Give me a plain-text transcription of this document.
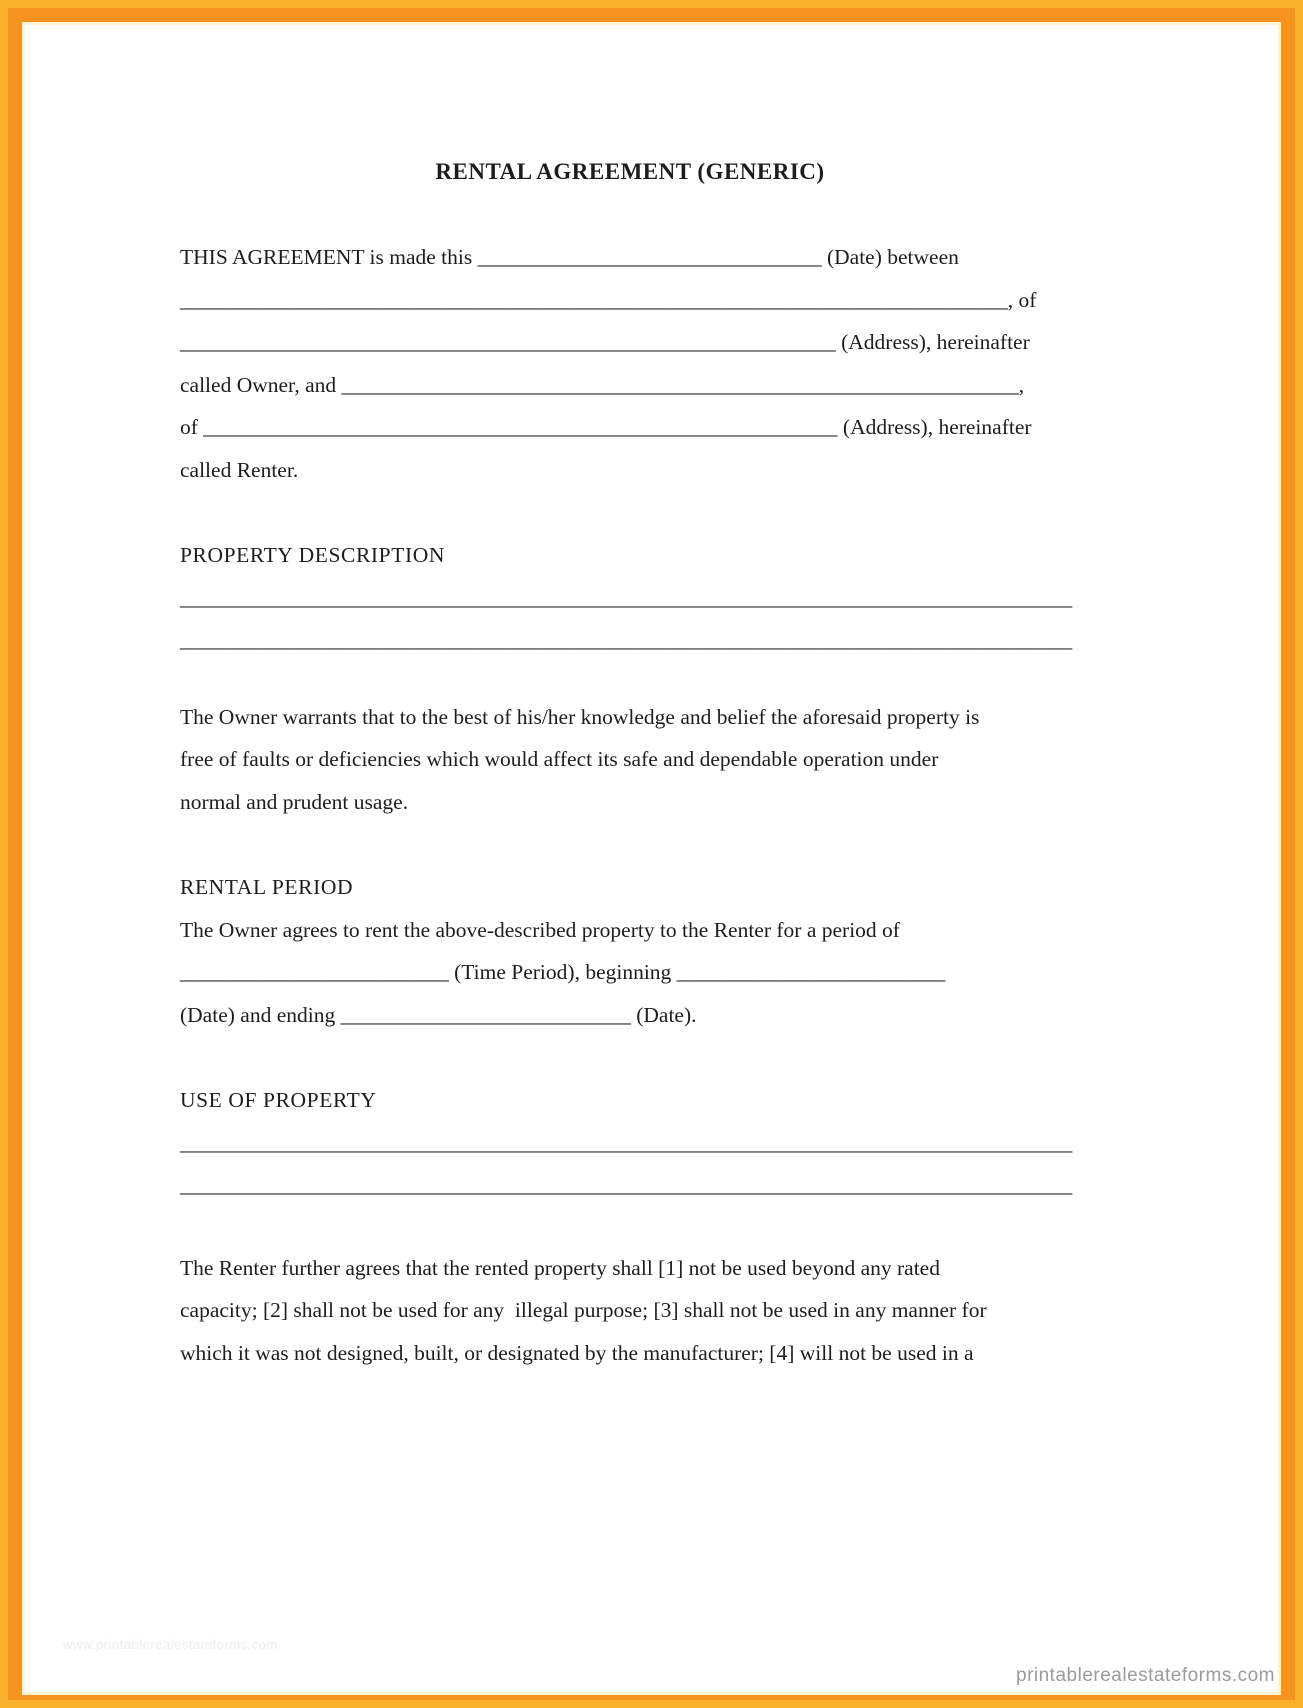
RENTAL AGREEMENT (GENERIC)
THIS AGREEMENT is made this ________________________________ (Date) between
_____________________________________________________________________________, of
_____________________________________________________________ (Address), hereinafter
called Owner, and _______________________________________________________________,
of ___________________________________________________________ (Address), hereinafter
called Renter.
PROPERTY DESCRIPTION
___________________________________________________________________________________
___________________________________________________________________________________
The Owner warrants that to the best of his/her knowledge and belief the aforesaid property is
free of faults or deficiencies which would affect its safe and dependable operation under
normal and prudent usage.
RENTAL PERIOD
The Owner agrees to rent the above-described property to the Renter for a period of
_________________________ (Time Period), beginning _________________________
(Date) and ending ___________________________ (Date).
USE OF PROPERTY
___________________________________________________________________________________
___________________________________________________________________________________
The Renter further agrees that the rented property shall [1] not be used beyond any rated
capacity; [2] shall not be used for any  illegal purpose; [3] shall not be used in any manner for
which it was not designed, built, or designated by the manufacturer; [4] will not be used in a
www.printablerealestateforms.com
printablerealestateforms.com
